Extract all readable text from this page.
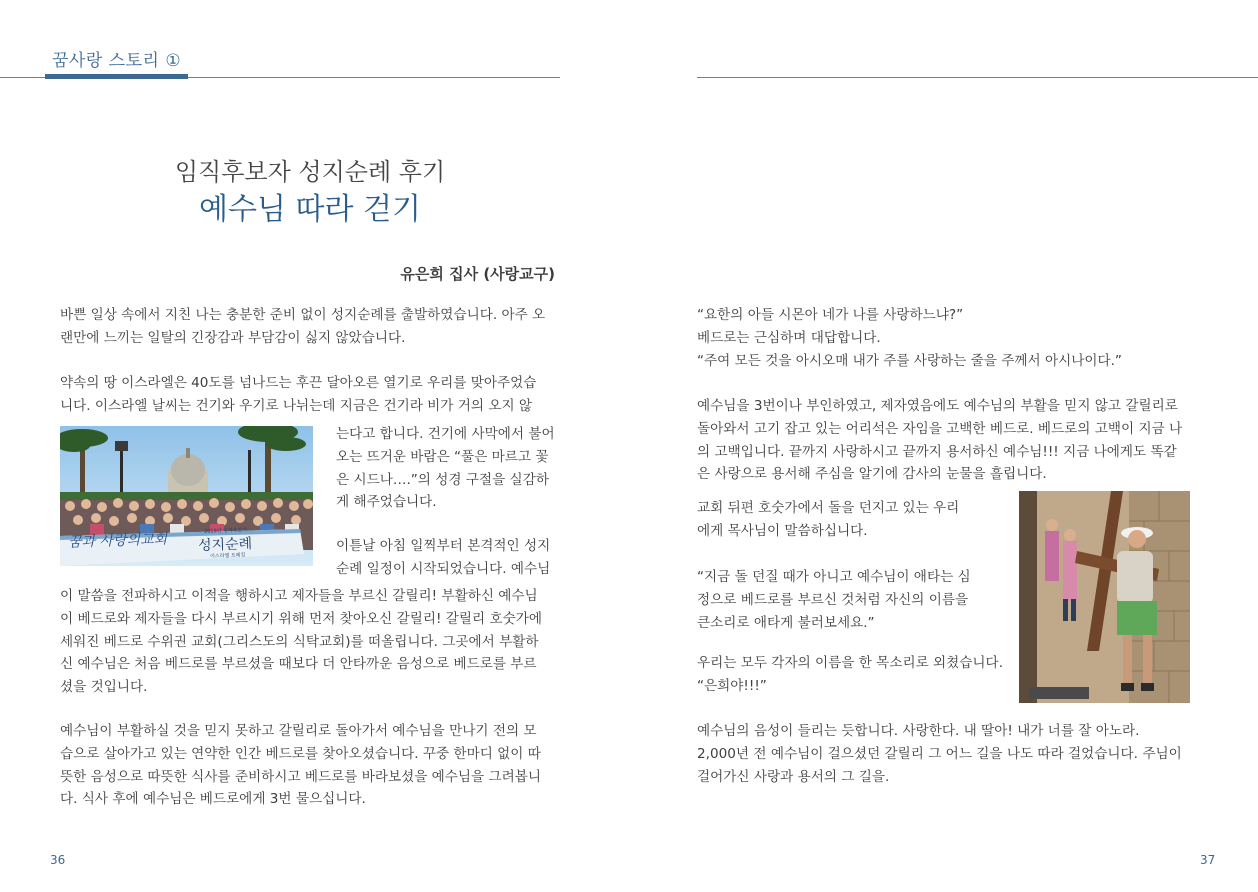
꿈사랑 스토리 ①
임직후보자 성지순례 후기
예수님 따라 걷기
유은희 집사 (사랑교구)
바쁜 일상 속에서 지친 나는 충분한 준비 없이 성지순례를 출발하였습니다. 아주 오
랜만에 느끼는 일탈의 긴장감과 부담감이 싫지 않았습니다.
약속의 땅 이스라엘은 40도를 넘나드는 후끈 달아오른 열기로 우리를 맞아주었습
니다. 이스라엘 날씨는 건기와 우기로 나뉘는데 지금은 건기라 비가 거의 오지 않
는다고 합니다. 건기에 사막에서 불어
오는 뜨거운 바람은 “풀은 마르고 꽃
은 시드나….”의 성경 구절을 실감하
게 해주었습니다.
이튿날 아침 일찍부터 본격적인 성지
순례 일정이 시작되었습니다. 예수님
이 말씀을 전파하시고 이적을 행하시고 제자들을 부르신 갈릴리! 부활하신 예수님
이 베드로와 제자들을 다시 부르시기 위해 먼저 찾아오신 갈릴리! 갈릴리 호숫가에
세워진 베드로 수위권 교회(그리스도의 식탁교회)를 떠올립니다. 그곳에서 부활하
신 예수님은 처음 베드로를 부르셨을 때보다 더 안타까운 음성으로 베드로를 부르
셨을 것입니다.
예수님이 부활하실 것을 믿지 못하고 갈릴리로 돌아가서 예수님을 만나기 전의 모
습으로 살아가고 있는 연약한 인간 베드로를 찾아오셨습니다. 꾸중 한마디 없이 따
뜻한 음성으로 따뜻한 식사를 준비하시고 베드로를 바라보셨을 예수님을 그려봅니
다. 식사 후에 예수님은 베드로에게 3번 물으십니다.
꿈과 사랑의교회 성지순례
2019년 임직후보자
이스라엘 트레킹
“요한의 아들 시몬아 네가 나를 사랑하느냐?”
베드로는 근심하며 대답합니다.
“주여 모든 것을 아시오매 내가 주를 사랑하는 줄을 주께서 아시나이다.”
예수님을 3번이나 부인하였고, 제자였음에도 예수님의 부활을 믿지 않고 갈릴리로
돌아와서 고기 잡고 있는 어리석은 자임을 고백한 베드로. 베드로의 고백이 지금 나
의 고백입니다. 끝까지 사랑하시고 끝까지 용서하신 예수님!!! 지금 나에게도 똑같
은 사랑으로 용서해 주심을 알기에 감사의 눈물을 흘립니다.
교회 뒤편 호숫가에서 돌을 던지고 있는 우리
에게 목사님이 말씀하십니다.
“지금 돌 던질 때가 아니고 예수님이 애타는 심
정으로 베드로를 부르신 것처럼 자신의 이름을
큰소리로 애타게 불러보세요.”
우리는 모두 각자의 이름을 한 목소리로 외쳤습니다.
“은희야!!!”
예수님의 음성이 들리는 듯합니다. 사랑한다. 내 딸아! 내가 너를 잘 아노라.
2,000년 전 예수님이 걸으셨던 갈릴리 그 어느 길을 나도 따라 걸었습니다. 주님이
걸어가신 사랑과 용서의 그 길을.
36	37
